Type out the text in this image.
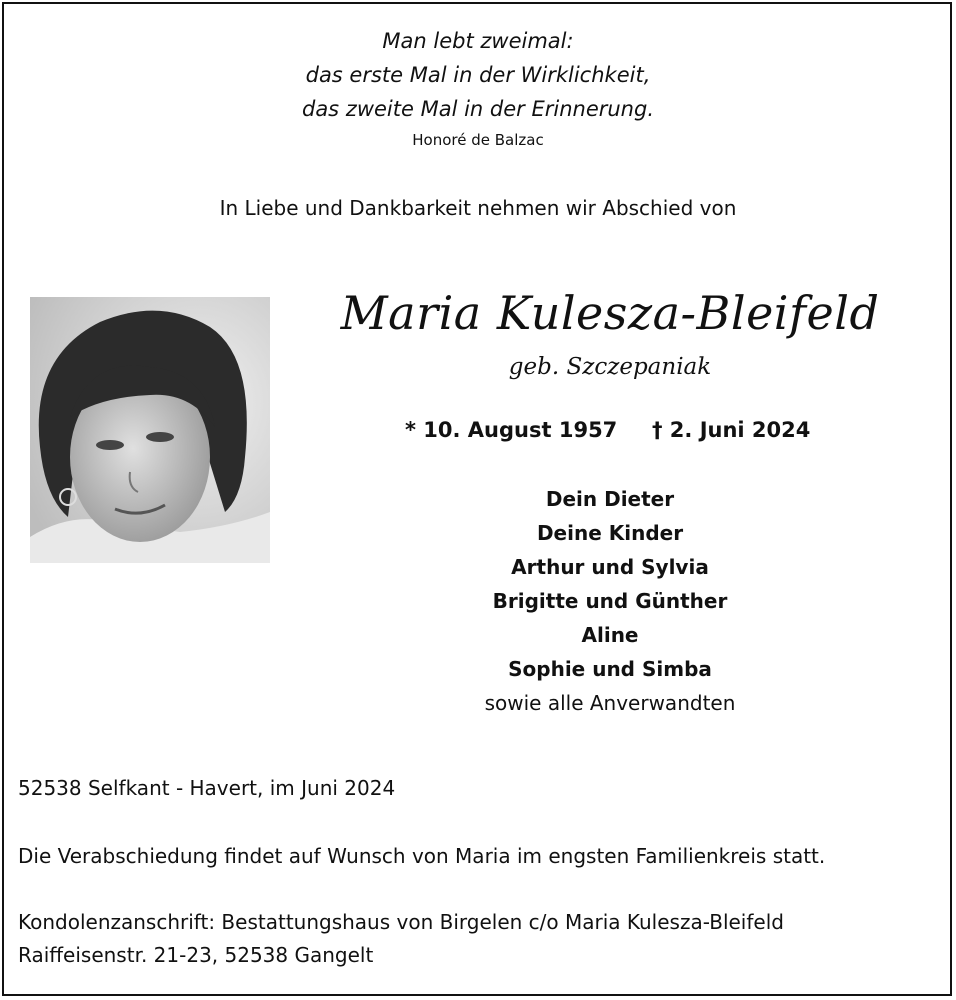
Man lebt zweimal:
das erste Mal in der Wirklichkeit,
das zweite Mal in der Erinnerung.
Honoré de Balzac
In Liebe und Dankbarkeit nehmen wir Abschied von
Maria Kulesza-Bleifeld
geb. Szczepaniak
* 10. August 1957 † 2. Juni 2024
Dein Dieter
Deine Kinder
Arthur und Sylvia
Brigitte und Günther
Aline
Sophie und Simba
sowie alle Anverwandten
52538 Selfkant - Havert, im Juni 2024
Die Verabschiedung findet auf Wunsch von Maria im engsten Familienkreis statt.
Kondolenzanschrift: Bestattungshaus von Birgelen c/o Maria Kulesza-Bleifeld
Raiffeisenstr. 21-23, 52538 Gangelt
